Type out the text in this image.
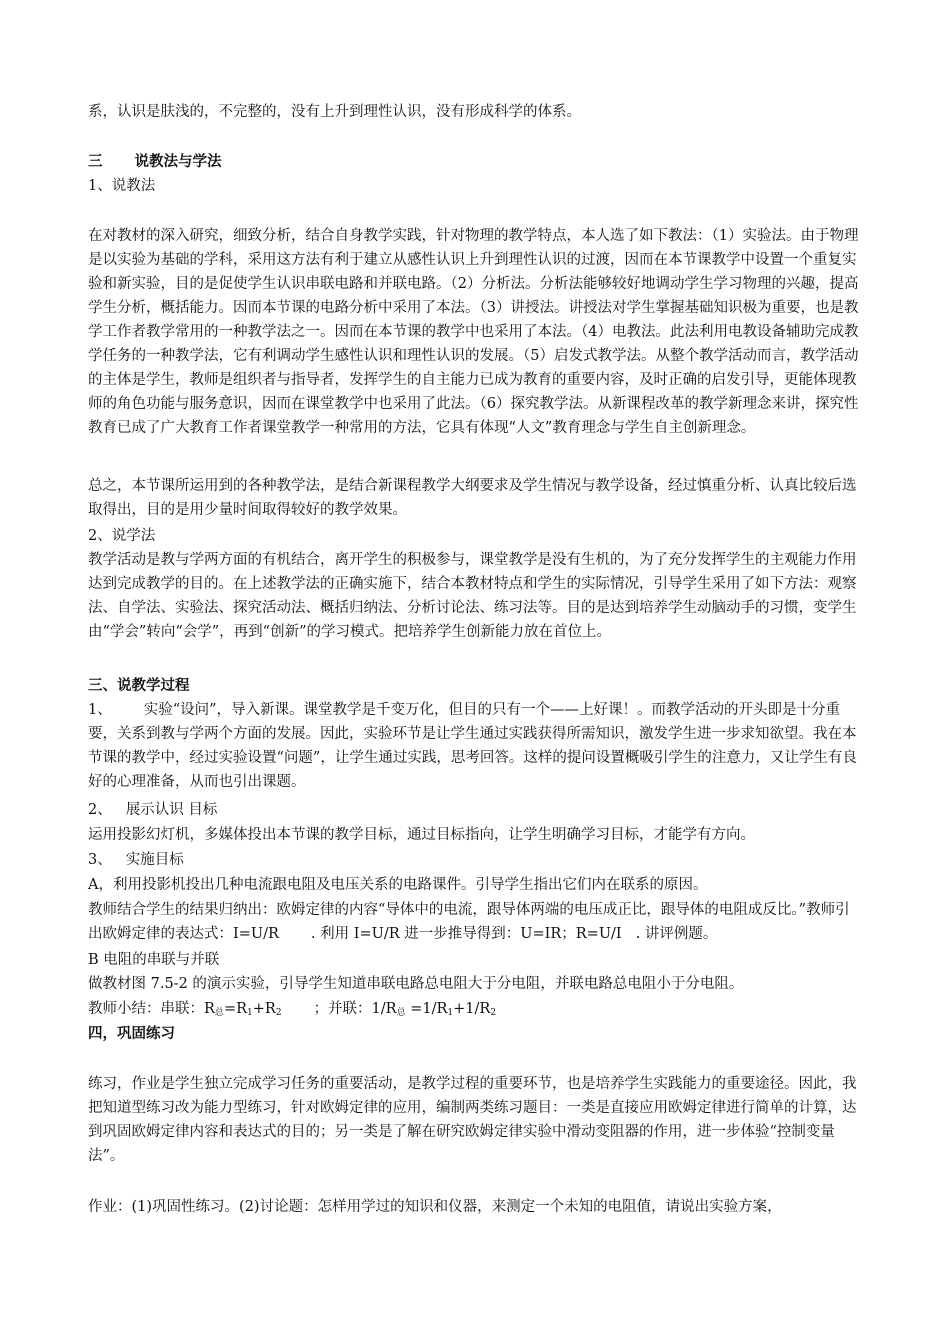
系，认识是肤浅的，不完整的，没有上升到理性认识，没有形成科学的体系。

三 说教法与学法

1、说教法

在对教材的深入研究，细致分析，结合自身教学实践，针对物理的教学特点，本人选了如下教法：（1）实验法。由于物理是以实验为基础的学科，采用这方法有利于建立从感性认识上升到理性认识的过渡，因而在本节课教学中设置一个重复实验和新实验，目的是促使学生认识串联电路和并联电路。（2）分析法。分析法能够较好地调动学生学习物理的兴趣，提高学生分析，概括能力。因而本节课的电路分析中采用了本法。（3）讲授法。讲授法对学生掌握基础知识极为重要，也是教学工作者教学常用的一种教学法之一。因而在本节课的教学中也采用了本法。（4）电教法。此法利用电教设备辅助完成教学任务的一种教学法，它有利调动学生感性认识和理性认识的发展。（5）启发式教学法。从整个教学活动而言，教学活动的主体是学生，教师是组织者与指导者，发挥学生的自主能力已成为教育的重要内容，及时正确的启发引导，更能体现教师的角色功能与服务意识，因而在课堂教学中也采用了此法。（6）探究教学法。从新课程改革的教学新理念来讲，探究性教育已成了广大教育工作者课堂教学一种常用的方法，它具有体现“人文”教育理念与学生自主创新理念。

总之，本节课所运用到的各种教学法，是结合新课程教学大纲要求及学生情况与教学设备，经过慎重分析、认真比较后选取得出，目的是用少量时间取得较好的教学效果。

2、说学法

教学活动是教与学两方面的有机结合，离开学生的积极参与，课堂教学是没有生机的，为了充分发挥学生的主观能力作用达到完成教学的目的。在上述教学法的正确实施下，结合本教材特点和学生的实际情况，引导学生采用了如下方法：观察法、自学法、实验法、探究活动法、概括归纳法、分析讨论法、练习法等。目的是达到培养学生动脑动手的习惯，变学生由“学会”转向“会学”，再到“创新”的学习模式。把培养学生创新能力放在首位上。

三、说教学过程

1、 实验“设问”，导入新课。课堂教学是千变万化，但目的只有一个——上好课！。而教学活动的开头即是十分重要，关系到教与学两个方面的发展。因此，实验环节是让学生通过实践获得所需知识，激发学生进一步求知欲望。我在本节课的教学中，经过实验设置“问题”，让学生通过实践，思考回答。这样的提问设置概吸引学生的注意力，又让学生有良好的心理准备，从而也引出课题。

2、 展示认识 目标

运用投影幻灯机，多媒体投出本节课的教学目标，通过目标指向，让学生明确学习目标，才能学有方向。

3、 实施目标

A，利用投影机投出几种电流跟电阻及电压关系的电路课件。引导学生指出它们内在联系的原因。

教师结合学生的结果归纳出：欧姆定律的内容“导体中的电流，跟导体两端的电压成正比，跟导体的电阻成反比。”教师引出欧姆定律的表达式：I=U/R . 利用 I=U/R 进一步推导得到：U=IR；R=U/I . 讲评例题。

B 电阻的串联与并联

做教材图 7.5-2 的演示实验，引导学生知道串联电路总电阻大于分电阻，并联电路总电阻小于分电阻。

教师小结：串联：$R_总=R_1+R_2$ ；并联：$1/R_总 =1/R_1+1/R_2$

四，巩固练习

练习，作业是学生独立完成学习任务的重要活动，是教学过程的重要环节，也是培养学生实践能力的重要途径。因此，我把知道型练习改为能力型练习，针对欧姆定律的应用，编制两类练习题目：一类是直接应用欧姆定律进行简单的计算，达到巩固欧姆定律内容和表达式的目的；另一类是了解在研究欧姆定律实验中滑动变阻器的作用，进一步体验“控制变量法”。

作业：(1)巩固性练习。(2)讨论题：怎样用学过的知识和仪器，来测定一个未知的电阻值，请说出实验方案，
